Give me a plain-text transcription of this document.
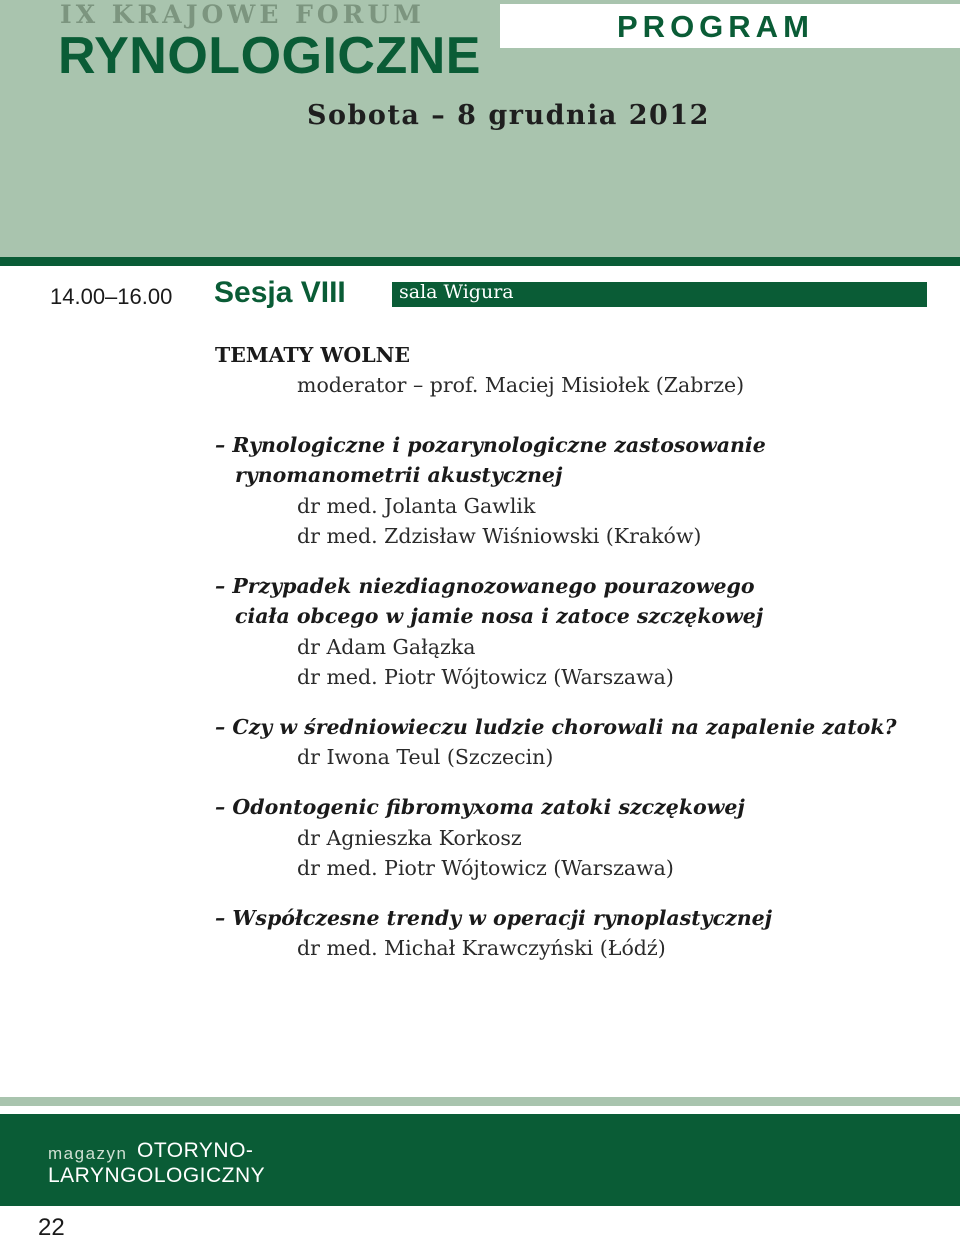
IX KRAJOWE FORUM
RYNOLOGICZNE
PROGRAM
Sobota – 8 grudnia 2012
14.00–16.00 Sesja VIII	sala Wigura
TEMATY WOLNE
moderator – prof. Maciej Misiołek (Zabrze)
– Rynologiczne i pozarynologiczne zastosowanie
rynomanometrii akustycznej
dr med. Jolanta Gawlik
dr med. Zdzisław Wiśniowski (Kraków)
– Przypadek niezdiagnozowanego pourazowego
ciała obcego w jamie nosa i zatoce szczękowej
dr Adam Gałązka
dr med. Piotr Wójtowicz (Warszawa)
– Czy w średniowieczu ludzie chorowali na zapalenie zatok?
dr Iwona Teul (Szczecin)
– Odontogenic fibromyxoma zatoki szczękowej
dr Agnieszka Korkosz
dr med. Piotr Wójtowicz (Warszawa)
– Współczesne trendy w operacji rynoplastycznej
dr med. Michał Krawczyński (Łódź)
magazyn OTORYNO-
LARYNGOLOGICZNY
22
